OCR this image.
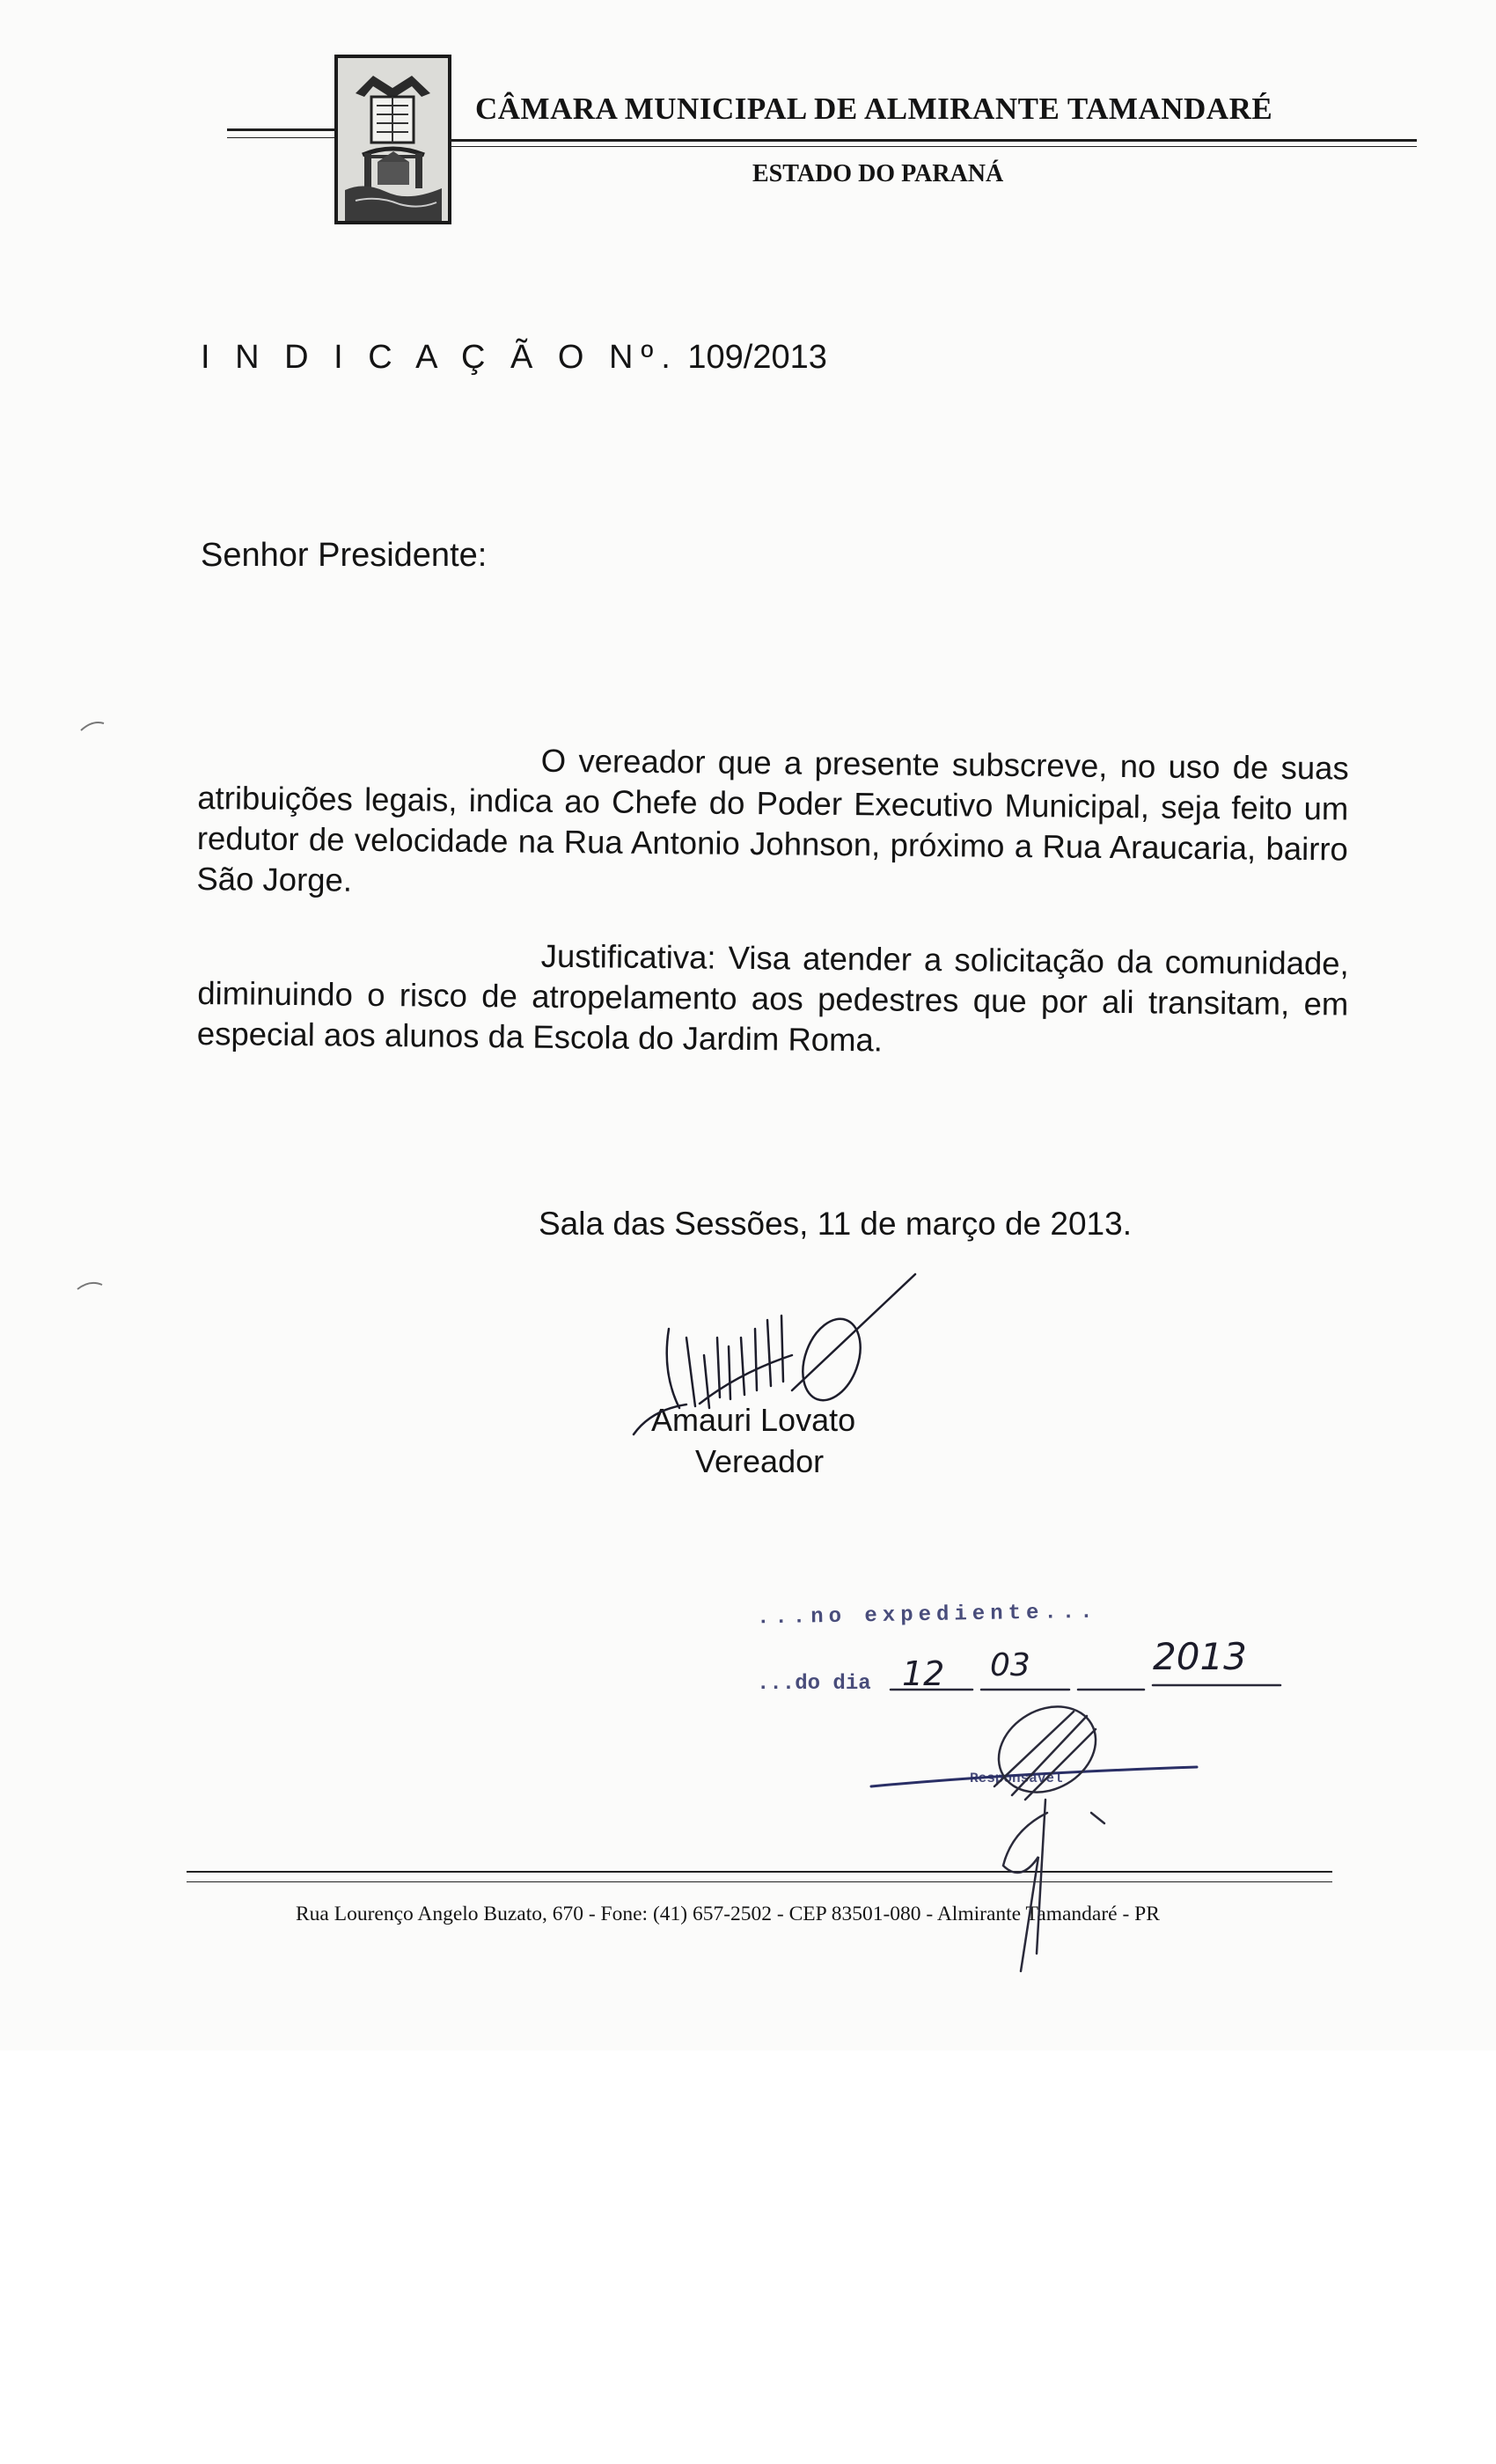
CÂMARA MUNICIPAL DE ALMIRANTE TAMANDARÉ
ESTADO DO PARANÁ
I N D I C A Ç Ã O Nº. 109/2013
Senhor Presidente:
O vereador que a presente subscreve, no uso de suas atribuições legais, indica ao Chefe do Poder Executivo Municipal, seja feito um redutor de velocidade na Rua Antonio Johnson, próximo a Rua Araucaria, bairro São Jorge.
Justificativa: Visa atender a solicitação da comunidade, diminuindo o risco de atropelamento aos pedestres que por ali transitam, em especial aos alunos da Escola do Jardim Roma.
Sala das Sessões, 11 de março de 2013.
Amauri Lovato
Vereador
...no expediente...
...do dia 12 03	2013
Responsável
Rua Lourenço Angelo Buzato, 670 - Fone: (41) 657-2502 - CEP 83501-080 - Almirante Tamandaré - PR
